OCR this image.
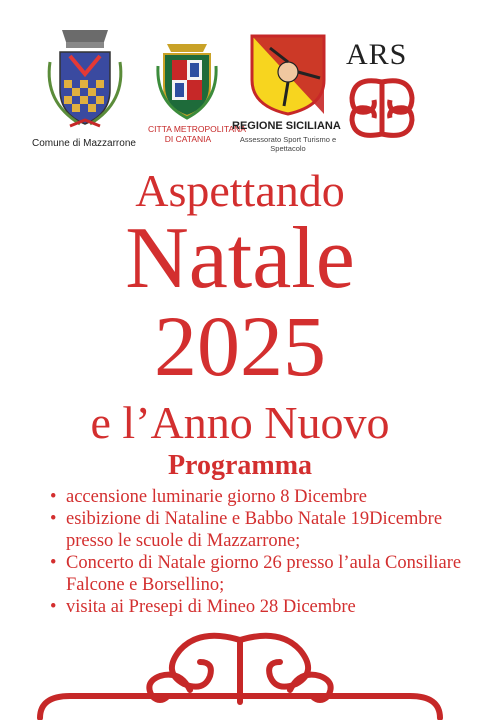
Comune di Mazzarrone
CITTA METROPOLITANA
DI CATANIA
REGIONE SICILIANA
Assessorato Sport Turismo e Spettacolo
ARS
Aspettando
Natale
2025
e l’Anno Nuovo
Programma
• accensione luminarie giorno 8 Dicembre
• esibizione di Nataline e Babbo Natale 19Dicembre presso le scuole di Mazzarrone;
• Concerto di Natale giorno 26 presso l’aula Consiliare Falcone e Borsellino;
• visita ai Presepi di Mineo 28 Dicembre
